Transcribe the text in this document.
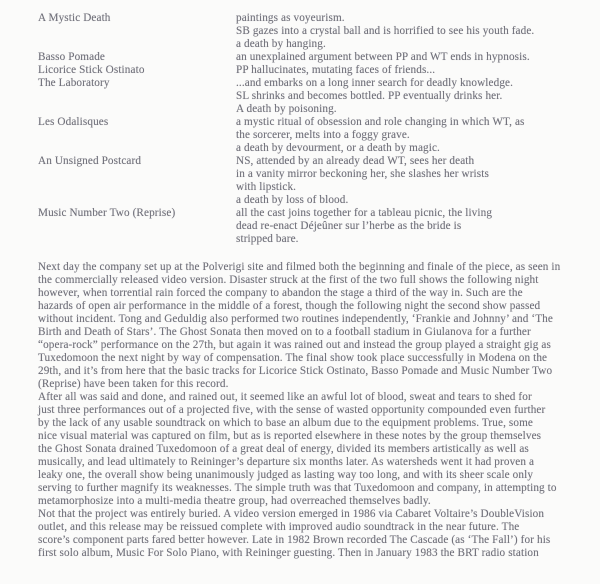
A Mystic Death	paintings as voyeurism.
SB gazes into a crystal ball and is horrified to see his youth fade.
a death by hanging.
Basso Pomade	an unexplained argument between PP and WT ends in hypnosis.
Licorice Stick Ostinato	PP hallucinates, mutating faces of friends...
The Laboratory	...and embarks on a long inner search for deadly knowledge.
SL shrinks and becomes bottled. PP eventually drinks her.
A death by poisoning.
Les Odalisques	a mystic ritual of obsession and role changing in which WT, as
the sorcerer, melts into a foggy grave.
a death by devourment, or a death by magic.
An Unsigned Postcard	NS, attended by an already dead WT, sees her death
in a vanity mirror beckoning her, she slashes her wrists
with lipstick.
a death by loss of blood.
Music Number Two (Reprise)	all the cast joins together for a tableau picnic, the living
dead re-enact Déjeûner sur l’herbe as the bride is
stripped bare.
Next day the company set up at the Polverigi site and filmed both the beginning and finale of the piece, as seen in
the commercially released video version. Disaster struck at the first of the two full shows the following night
however, when torrential rain forced the company to abandon the stage a third of the way in. Such are the
hazards of open air performance in the middle of a forest, though the following night the second show passed
without incident. Tong and Geduldig also performed two routines independently, ‘Frankie and Johnny’ and ‘The
Birth and Death of Stars’. The Ghost Sonata then moved on to a football stadium in Giulanova for a further
“opera-rock” performance on the 27th, but again it was rained out and instead the group played a straight gig as
Tuxedomoon the next night by way of compensation. The final show took place successfully in Modena on the
29th, and it’s from here that the basic tracks for Licorice Stick Ostinato, Basso Pomade and Music Number Two
(Reprise) have been taken for this record.
After all was said and done, and rained out, it seemed like an awful lot of blood, sweat and tears to shed for
just three performances out of a projected five, with the sense of wasted opportunity compounded even further
by the lack of any usable soundtrack on which to base an album due to the equipment problems. True, some
nice visual material was captured on film, but as is reported elsewhere in these notes by the group themselves
the Ghost Sonata drained Tuxedomoon of a great deal of energy, divided its members artistically as well as
musically, and lead ultimately to Reininger’s departure six months later. As watersheds went it had proven a
leaky one, the overall show being unanimously judged as lasting way too long, and with its sheer scale only
serving to further magnify its weaknesses. The simple truth was that Tuxedomoon and company, in attempting to
metamorphosize into a multi-media theatre group, had overreached themselves badly.
Not that the project was entirely buried. A video version emerged in 1986 via Cabaret Voltaire’s DoubleVision
outlet, and this release may be reissued complete with improved audio soundtrack in the near future. The
score’s component parts fared better however. Late in 1982 Brown recorded The Cascade (as ‘The Fall’) for his
first solo album, Music For Solo Piano, with Reininger guesting. Then in January 1983 the BRT radio station
